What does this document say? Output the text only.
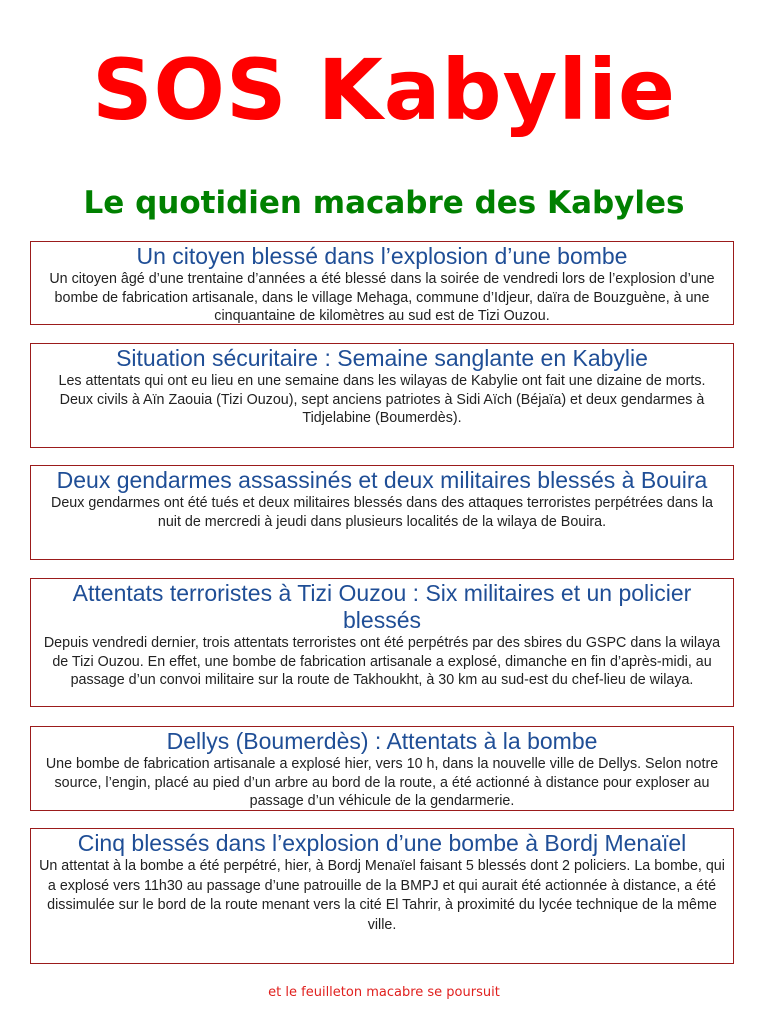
SOS Kabylie
Le quotidien macabre des Kabyles
Un citoyen blessé dans l’explosion d’une bombe

Un citoyen âgé d’une trentaine d’années a été blessé dans la soirée de vendredi lors de l’explosion d’une bombe de fabrication artisanale, dans le village Mehaga, commune d’Idjeur, daïra de Bouzguène, à une cinquantaine de kilomètres au sud est de Tizi Ouzou.

Situation sécuritaire : Semaine sanglante en Kabylie

Les attentats qui ont eu lieu en une semaine dans les wilayas de Kabylie ont fait une dizaine de morts.

Deux civils à Aïn Zaouia (Tizi Ouzou), sept anciens patriotes à Sidi Aïch (Béjaïa) et deux gendarmes à Tidjelabine (Boumerdès).

Deux gendarmes assassinés et deux militaires blessés à Bouira

Deux gendarmes ont été tués et deux militaires blessés dans des attaques terroristes perpétrées dans la nuit de mercredi à jeudi dans plusieurs localités de la wilaya de Bouira.

Attentats terroristes à Tizi Ouzou : Six militaires et un policier blessés

Depuis vendredi dernier, trois attentats terroristes ont été perpétrés par des sbires du GSPC dans la wilaya de Tizi Ouzou. En effet, une bombe de fabrication artisanale a explosé, dimanche en fin d’après-midi, au passage d’un convoi militaire sur la route de Takhoukht, à 30 km au sud-est du chef-lieu de wilaya.

Dellys (Boumerdès) : Attentats à la bombe

Une bombe de fabrication artisanale a explosé hier, vers 10 h, dans la nouvelle ville de Dellys. Selon notre source, l’engin, placé au pied d’un arbre au bord de la route, a été actionné à distance pour exploser au passage d’un véhicule de la gendarmerie.

Cinq blessés dans l’explosion d’une bombe à Bordj Menaïel

Un attentat à la bombe a été perpétré, hier, à Bordj Menaïel faisant 5 blessés dont 2 policiers. La bombe, qui a explosé vers 11h30 au passage d’une patrouille de la BMPJ et qui aurait été actionnée à distance, a été dissimulée sur le bord de la route menant vers la cité El Tahrir, à proximité du lycée technique de la même ville.

et le feuilleton macabre se poursuit
